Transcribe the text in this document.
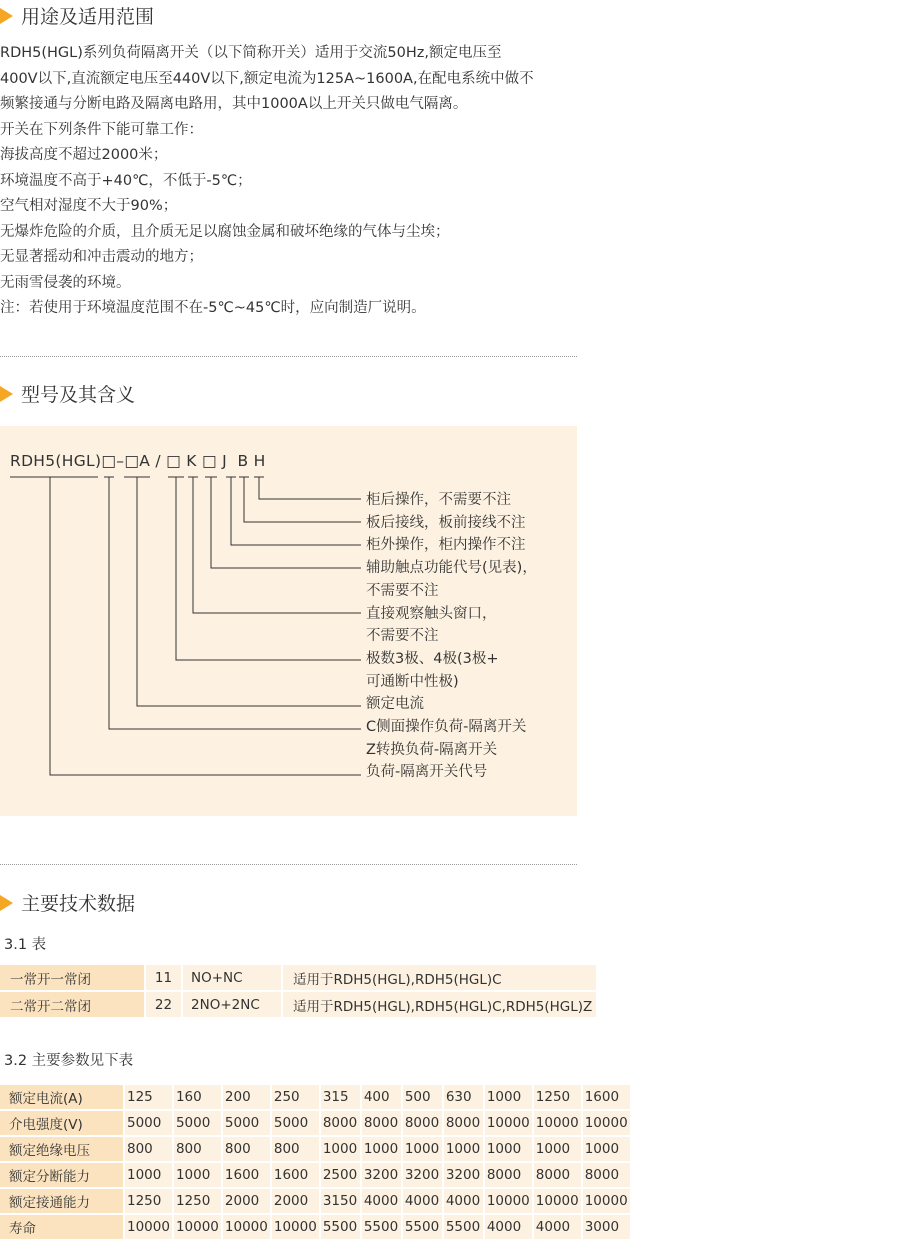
用途及适用范围

RDH5(HGL)系列负荷隔离开关（以下简称开关）适用于交流50Hz,额定电压至

400V以下,直流额定电压至440V以下,额定电流为125A~1600A,在配电系统中做不

频繁接通与分断电路及隔离电路用，其中1000A以上开关只做电气隔离。

开关在下列条件下能可靠工作：

海拔高度不超过2000米；

环境温度不高于+40℃，不低于-5℃；

空气相对湿度不大于90%；

无爆炸危险的介质，且介质无足以腐蚀金属和破坏绝缘的气体与尘埃；

无显著摇动和冲击震动的地方；

无雨雪侵袭的环境。

注：若使用于环境温度范围不在-5℃~45℃时，应向制造厂说明。

型号及其含义
RDH5(HGL)□–□A / □ K □ J  B H
柜后操作，不需要不注
板后接线，板前接线不注
柜外操作，柜内操作不注
辅助触点功能代号(见表)，
不需要不注
直接观察触头窗口，
不需要不注
极数3极、4极(3极+
可通断中性极)
额定电流
C侧面操作负荷-隔离开关
Z转换负荷-隔离开关
负荷-隔离开关代号
主要技术数据
3.1 表
一常开一常闭	11	NO+NC	适用于RDH5(HGL),RDH5(HGL)C
二常开二常闭	22	2NO+2NC	适用于RDH5(HGL),RDH5(HGL)C,RDH5(HGL)Z
3.2 主要参数见下表
额定电流(A)	125	160	200	250	315	400	500	630	1000	1250	1600
介电强度(V)	5000	5000	5000	5000	8000	8000	8000	8000	10000	10000	10000
额定绝缘电压	800	800	800	800	1000	1000	1000	1000	1000	1000	1000
额定分断能力	1000	1000	1600	1600	2500	3200	3200	3200	8000	8000	8000
额定接通能力	1250	1250	2000	2000	3150	4000	4000	4000	10000	10000	10000
寿命	10000	10000	10000	10000	5500	5500	5500	5500	4000	4000	3000
